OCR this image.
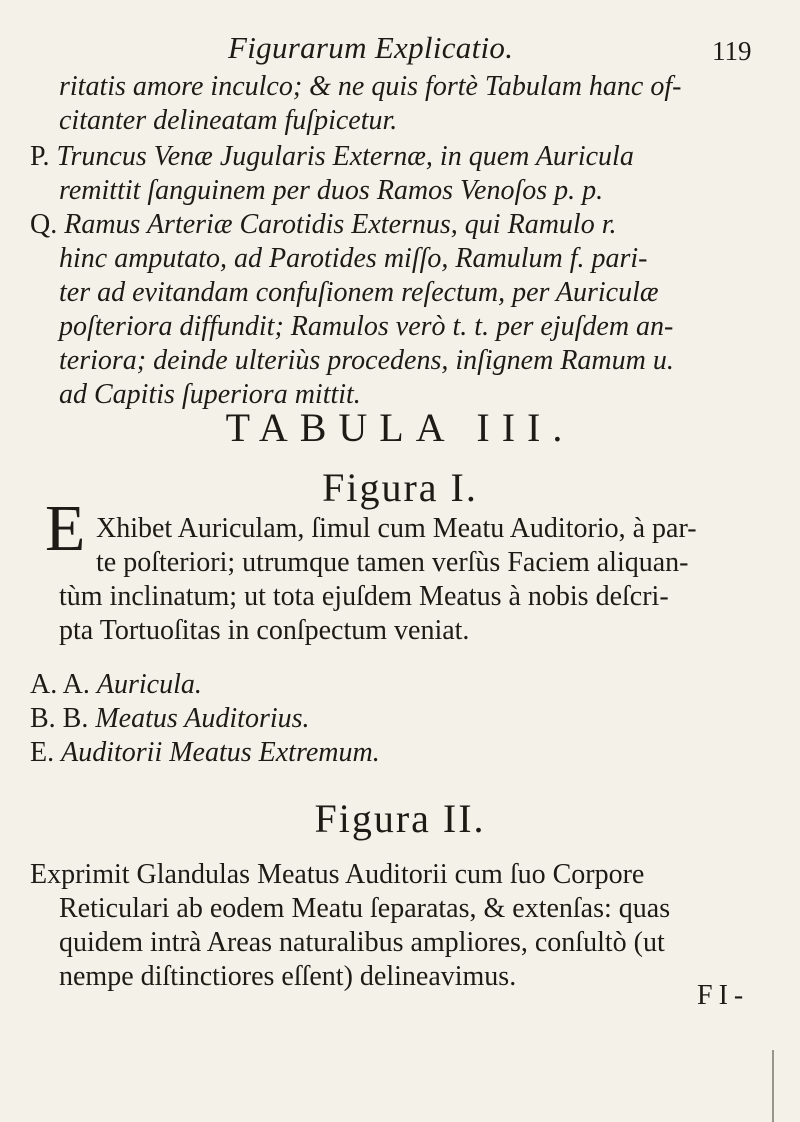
Figurarum Explicatio.	119
ritatis amore inculco; & ne quis fortè Tabulam hanc of-
citanter delineatam fuſpicetur.
P. Truncus Venæ Jugularis Externæ, in quem Auricula
remittit ſanguinem per duos Ramos Venoſos p. p.
Q. Ramus Arteriæ Carotidis Externus, qui Ramulo r.
hinc amputato, ad Parotides miſſo, Ramulum f. pari-
ter ad evitandam confuſionem reſectum, per Auriculæ
poſteriora diffundit; Ramulos verò t. t. per ejuſdem an-
teriora; deinde ulteriùs procedens, inſignem Ramum u.
ad Capitis ſuperiora mittit.
TABULA III.
Figura I.
E Xhibet Auriculam, ſimul cum Meatu Auditorio, à par-
te poſteriori; utrumque tamen verſùs Faciem aliquan-
tùm inclinatum; ut tota ejuſdem Meatus à nobis deſcri-
pta Tortuoſitas in conſpectum veniat.
A. A. Auricula.
B. B. Meatus Auditorius.
E. Auditorii Meatus Extremum.
Figura II.
Exprimit Glandulas Meatus Auditorii cum ſuo Corpore
Reticulari ab eodem Meatu ſeparatas, & extenſas: quas
quidem intrà Areas naturalibus ampliores, conſultò (ut
nempe diſtinctiores eſſent) delineavimus.
FI-
